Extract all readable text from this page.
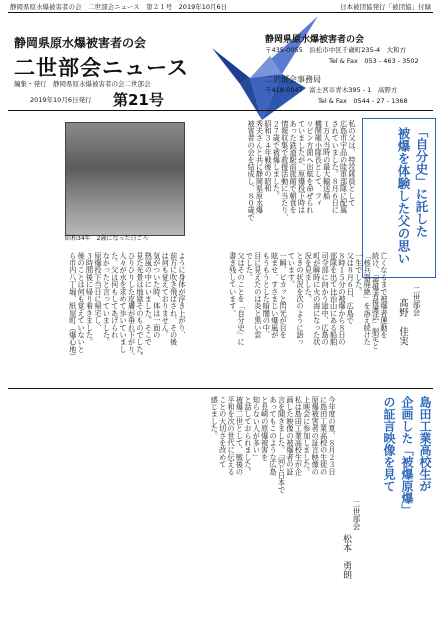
静岡県原水爆被害者の会　二世部会ニュース　第２１号　2019年10月6日	日本被団協発行「被団協」付録
静岡県原水爆被害者の会
二世部会ニュース
編集・発行　静岡県原水爆被害者の会二世部会
2019年10月6日発行 第21号
静岡県原水爆被害者の会
〒435-0055　浜松市中区千歳町235-4　大和方
Tel & Fax　053 - 463 - 3502
二世部会事務局
〒418-0047　富士宮市青木395 - 1　高野方
Tel & Fax　0544 - 27 - 1368
「自分史」に託した
被爆を体験した父の思い
二世部会
髙野　佳実
昭和34年　2歳になった日ごろ
私の父は、特攻隊員として
広島市宇品の陸軍部隊に配属
されていました。８月６日に
１万人当時の最大輸送船
機関砲小隊長として、フィ
リピン方面へ出航を命ぜられ
ていましたが、原爆投下時は
あった鉄道駅前旅館で朝食を
情報収集で救援活動に当たり、
２７歳で被爆しました。
昭和３４年戦後の昭和
秀夫さんと共に静岡県原水爆
被害者の会を結成し、８０歳で
亡くなるまで被爆者運動を
続け、「被爆者援護法」制定と
「核兵器廃絶」を訴え続けた
一生でした。
父は８月６日、広島で
８時１５分の被爆から８日の
部隊を出て比治山にある船舶
司令部に向かう途中、広島の
町が瞬時に火の海になった状
況を見ました。
ときの状況を次のように語っ
ています。
一瞬、ピカッと閃光が目を
眩ませ、すさまじい爆風が
もうもうとした暗闇の中、
目に見えたのは炎と黒い雲
でした。
父はそのことを「自分史」に
書き残しています。
ように身体が浮き上がり、
前方に吹き飛ばされ、その後
は何も覚えておりません。
気がついた時、体は一面の
熱風の中にいました。そこで
見た光景は地獄そのものでした。
ひりひりした皮膚が垂れ下がり、
人々が水を求めて歩いていまし
た。父は何もしてあげられ
なかったと言っていました。
原爆投下当日に帰宅し、
３時間後に帰り着きました。
後のことは何も覚えていないと
ら市内八丁堀、紙屋町（爆心地）
島田工業高校生が
企画した「被爆原爆」
の証言映像を見て
二世部会
松本　勇朗
今年度の夏、８月２３日
に島田工業高校の生徒の
原爆被害者の証言映像の
上映会に参加しました。
私は島田工業高校生が企
画した映像の被爆者の証
言を聞きました。「同じ日本で
あってもこのような広島
と長崎の原爆被害を
知らない人が多い」
と話しておられました。
被爆二世として、戦後の
平和を次の世代に伝える
ことの大切さを改めて
感じました。
